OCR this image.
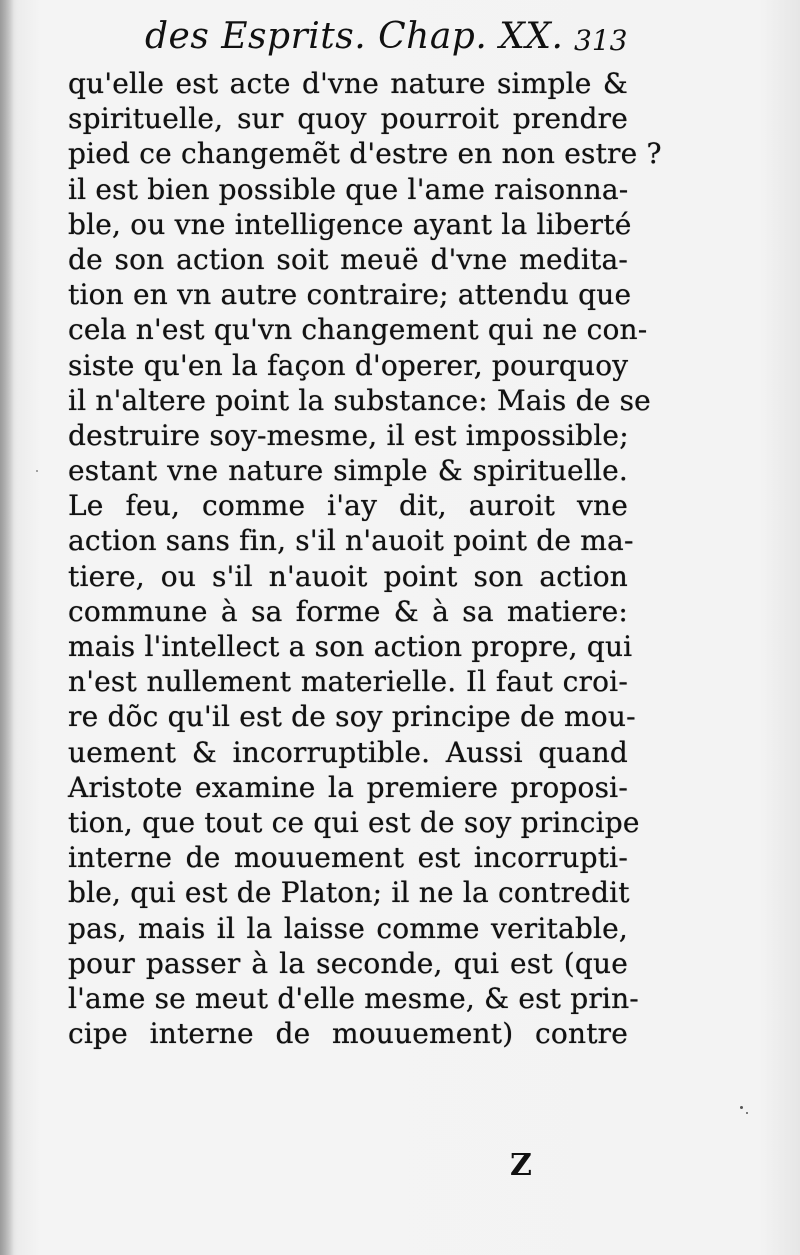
des Esprits. Chap. XX. 313
qu'elle est acte d'vne nature simple &
spirituelle, sur quoy pourroit prendre
pied ce changemẽt d'estre en non estre ?
il est bien possible que l'ame raisonna-
ble, ou vne intelligence ayant la liberté
de son action soit meuë d'vne medita-
tion en vn autre contraire; attendu que
cela n'est qu'vn changement qui ne con-
siste qu'en la façon d'operer, pourquoy
il n'altere point la substance: Mais de se
destruire soy-mesme, il est impossible;
estant vne nature simple & spirituelle.
Le feu, comme i'ay dit, auroit vne
action sans fin, s'il n'auoit point de ma-
tiere, ou s'il n'auoit point son action
commune à sa forme & à sa matiere:
mais l'intellect a son action propre, qui
n'est nullement materielle. Il faut croi-
re dõc qu'il est de soy principe de mou-
uement & incorruptible. Aussi quand
Aristote examine la premiere proposi-
tion, que tout ce qui est de soy principe
interne de mouuement est incorrupti-
ble, qui est de Platon; il ne la contredit
pas, mais il la laisse comme veritable,
pour passer à la seconde, qui est (que
l'ame se meut d'elle mesme, & est prin-
cipe interne de mouuement) contre
Z
